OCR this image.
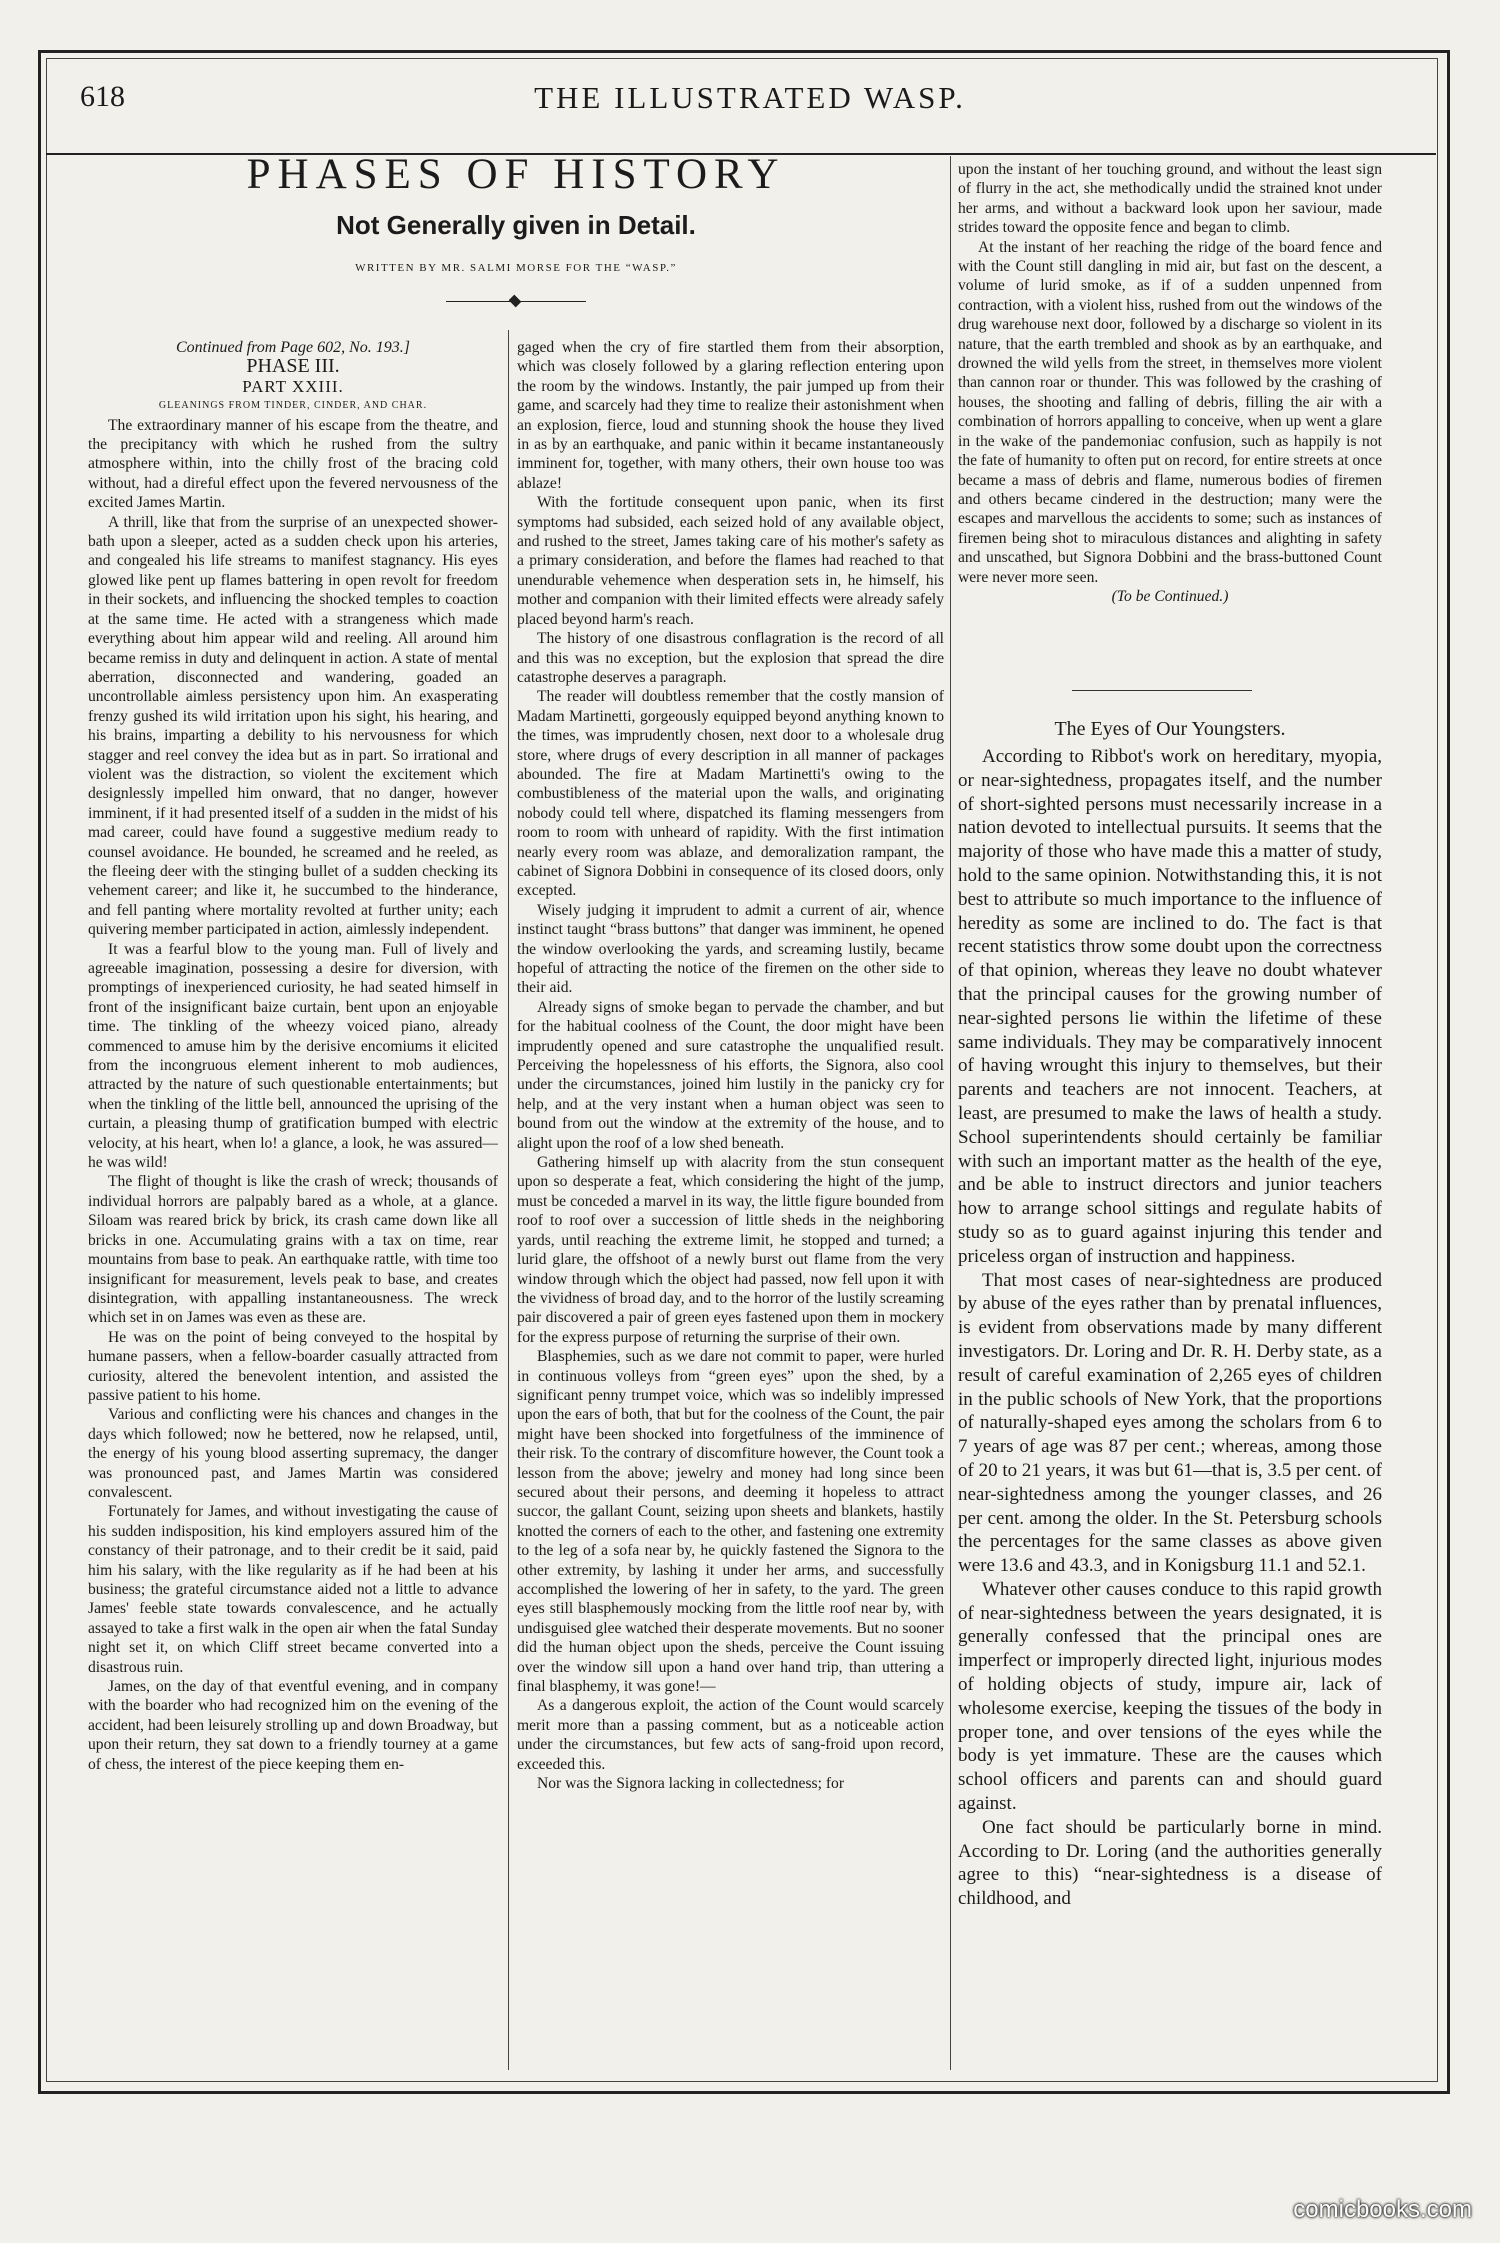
618	THE ILLUSTRATED WASP.
PHASES OF HISTORY
Not Generally given in Detail.
WRITTEN BY MR. SALMI MORSE FOR THE “WASP.”

Continued from Page 602, No. 193.]

PHASE III.

PART XXIII.

GLEANINGS FROM TINDER, CINDER, AND CHAR.

The extraordinary manner of his escape from the theatre, and the precipitancy with which he rushed from the sultry atmosphere within, into the chilly frost of the bracing cold without, had a direful effect upon the fevered nervousness of the excited James Martin.

A thrill, like that from the surprise of an unexpected shower-bath upon a sleeper, acted as a sudden check upon his arteries, and congealed his life streams to manifest stagnancy. His eyes glowed like pent up flames battering in open revolt for freedom in their sockets, and influencing the shocked temples to coaction at the same time. He acted with a strangeness which made everything about him appear wild and reeling. All around him became remiss in duty and delinquent in action. A state of mental aberration, disconnected and wandering, goaded an uncontrollable aimless persistency upon him. An exasperating frenzy gushed its wild irritation upon his sight, his hearing, and his brains, imparting a debility to his nervousness for which stagger and reel convey the idea but as in part. So irrational and violent was the distraction, so violent the excitement which designlessly impelled him onward, that no danger, however imminent, if it had presented itself of a sudden in the midst of his mad career, could have found a suggestive medium ready to counsel avoidance. He bounded, he screamed and he reeled, as the fleeing deer with the stinging bullet of a sudden checking its vehement career; and like it, he succumbed to the hinderance, and fell panting where mortality revolted at further unity; each quivering member participated in action, aimlessly independent.

It was a fearful blow to the young man. Full of lively and agreeable imagination, possessing a desire for diversion, with promptings of inexperienced curiosity, he had seated himself in front of the insignificant baize curtain, bent upon an enjoyable time. The tinkling of the wheezy voiced piano, already commenced to amuse him by the derisive encomiums it elicited from the incongruous element inherent to mob audiences, attracted by the nature of such questionable entertainments; but when the tinkling of the little bell, announced the uprising of the curtain, a pleasing thump of gratification bumped with electric velocity, at his heart, when lo! a glance, a look, he was assured—he was wild!

The flight of thought is like the crash of wreck; thousands of individual horrors are palpably bared as a whole, at a glance. Siloam was reared brick by brick, its crash came down like all bricks in one. Accumulating grains with a tax on time, rear mountains from base to peak. An earthquake rattle, with time too insignificant for measurement, levels peak to base, and creates disintegration, with appalling instantaneousness. The wreck which set in on James was even as these are.

He was on the point of being conveyed to the hospital by humane passers, when a fellow-boarder casually attracted from curiosity, altered the benevolent intention, and assisted the passive patient to his home.

Various and conflicting were his chances and changes in the days which followed; now he bettered, now he relapsed, until, the energy of his young blood asserting supremacy, the danger was pronounced past, and James Martin was considered convalescent.

Fortunately for James, and without investigating the cause of his sudden indisposition, his kind employers assured him of the constancy of their patronage, and to their credit be it said, paid him his salary, with the like regularity as if he had been at his business; the grateful circumstance aided not a little to advance James' feeble state towards convalescence, and he actually assayed to take a first walk in the open air when the fatal Sunday night set it, on which Cliff street became converted into a disastrous ruin.

James, on the day of that eventful evening, and in company with the boarder who had recognized him on the evening of the accident, had been leisurely strolling up and down Broadway, but upon their return, they sat down to a friendly tourney at a game of chess, the interest of the piece keeping them en-

gaged when the cry of fire startled them from their absorption, which was closely followed by a glaring reflection entering upon the room by the windows. Instantly, the pair jumped up from their game, and scarcely had they time to realize their astonishment when an explosion, fierce, loud and stunning shook the house they lived in as by an earthquake, and panic within it became instantaneously imminent for, together, with many others, their own house too was ablaze!

With the fortitude consequent upon panic, when its first symptoms had subsided, each seized hold of any available object, and rushed to the street, James taking care of his mother's safety as a primary consideration, and before the flames had reached to that unendurable vehemence when desperation sets in, he himself, his mother and companion with their limited effects were already safely placed beyond harm's reach.

The history of one disastrous conflagration is the record of all and this was no exception, but the explosion that spread the dire catastrophe deserves a paragraph.

The reader will doubtless remember that the costly mansion of Madam Martinetti, gorgeously equipped beyond anything known to the times, was imprudently chosen, next door to a wholesale drug store, where drugs of every description in all manner of packages abounded. The fire at Madam Martinetti's owing to the combustibleness of the material upon the walls, and originating nobody could tell where, dispatched its flaming messengers from room to room with unheard of rapidity. With the first intimation nearly every room was ablaze, and demoralization rampant, the cabinet of Signora Dobbini in consequence of its closed doors, only excepted.

Wisely judging it imprudent to admit a current of air, whence instinct taught “brass buttons” that danger was imminent, he opened the window overlooking the yards, and screaming lustily, became hopeful of attracting the notice of the firemen on the other side to their aid.

Already signs of smoke began to pervade the chamber, and but for the habitual coolness of the Count, the door might have been imprudently opened and sure catastrophe the unqualified result. Perceiving the hopelessness of his efforts, the Signora, also cool under the circumstances, joined him lustily in the panicky cry for help, and at the very instant when a human object was seen to bound from out the window at the extremity of the house, and to alight upon the roof of a low shed beneath.

Gathering himself up with alacrity from the stun consequent upon so desperate a feat, which considering the hight of the jump, must be conceded a marvel in its way, the little figure bounded from roof to roof over a succession of little sheds in the neighboring yards, until reaching the extreme limit, he stopped and turned; a lurid glare, the offshoot of a newly burst out flame from the very window through which the object had passed, now fell upon it with the vividness of broad day, and to the horror of the lustily screaming pair discovered a pair of green eyes fastened upon them in mockery for the express purpose of returning the surprise of their own.

Blasphemies, such as we dare not commit to paper, were hurled in continuous volleys from “green eyes” upon the shed, by a significant penny trumpet voice, which was so indelibly impressed upon the ears of both, that but for the coolness of the Count, the pair might have been shocked into forgetfulness of the imminence of their risk. To the contrary of discomfiture however, the Count took a lesson from the above; jewelry and money had long since been secured about their persons, and deeming it hopeless to attract succor, the gallant Count, seizing upon sheets and blankets, hastily knotted the corners of each to the other, and fastening one extremity to the leg of a sofa near by, he quickly fastened the Signora to the other extremity, by lashing it under her arms, and successfully accomplished the lowering of her in safety, to the yard. The green eyes still blasphemously mocking from the little roof near by, with undisguised glee watched their desperate movements. But no sooner did the human object upon the sheds, perceive the Count issuing over the window sill upon a hand over hand trip, than uttering a final blasphemy, it was gone!—

As a dangerous exploit, the action of the Count would scarcely merit more than a passing comment, but as a noticeable action under the circumstances, but few acts of sang-froid upon record, exceeded this.

Nor was the Signora lacking in collectedness; for

upon the instant of her touching ground, and without the least sign of flurry in the act, she methodically undid the strained knot under her arms, and without a backward look upon her saviour, made strides toward the opposite fence and began to climb.

At the instant of her reaching the ridge of the board fence and with the Count still dangling in mid air, but fast on the descent, a volume of lurid smoke, as if of a sudden unpenned from contraction, with a violent hiss, rushed from out the windows of the drug warehouse next door, followed by a discharge so violent in its nature, that the earth trembled and shook as by an earthquake, and drowned the wild yells from the street, in themselves more violent than cannon roar or thunder. This was followed by the crashing of houses, the shooting and falling of debris, filling the air with a combination of horrors appalling to conceive, when up went a glare in the wake of the pandemoniac confusion, such as happily is not the fate of humanity to often put on record, for entire streets at once became a mass of debris and flame, numerous bodies of firemen and others became cindered in the destruction; many were the escapes and marvellous the accidents to some; such as instances of firemen being shot to miraculous distances and alighting in safety and unscathed, but Signora Dobbini and the brass-buttoned Count were never more seen.

(To be Continued.)

The Eyes of Our Youngsters.

According to Ribbot's work on hereditary, myopia, or near-sightedness, propagates itself, and the number of short-sighted persons must necessarily increase in a nation devoted to intellectual pursuits. It seems that the majority of those who have made this a matter of study, hold to the same opinion. Notwithstanding this, it is not best to attribute so much importance to the influence of heredity as some are inclined to do. The fact is that recent statistics throw some doubt upon the correctness of that opinion, whereas they leave no doubt whatever that the principal causes for the growing number of near-sighted persons lie within the lifetime of these same individuals. They may be comparatively innocent of having wrought this injury to themselves, but their parents and teachers are not innocent. Teachers, at least, are presumed to make the laws of health a study. School superintendents should certainly be familiar with such an important matter as the health of the eye, and be able to instruct directors and junior teachers how to arrange school sittings and regulate habits of study so as to guard against injuring this tender and priceless organ of instruction and happiness.

That most cases of near-sightedness are produced by abuse of the eyes rather than by prenatal influences, is evident from observations made by many different investigators. Dr. Loring and Dr. R. H. Derby state, as a result of careful examination of 2,265 eyes of children in the public schools of New York, that the proportions of naturally-shaped eyes among the scholars from 6 to 7 years of age was 87 per cent.; whereas, among those of 20 to 21 years, it was but 61—that is, 3.5 per cent. of near-sightedness among the younger classes, and 26 per cent. among the older. In the St. Petersburg schools the percentages for the same classes as above given were 13.6 and 43.3, and in Konigsburg 11.1 and 52.1.

Whatever other causes conduce to this rapid growth of near-sightedness between the years designated, it is generally confessed that the principal ones are imperfect or improperly directed light, injurious modes of holding objects of study, impure air, lack of wholesome exercise, keeping the tissues of the body in proper tone, and over tensions of the eyes while the body is yet immature. These are the causes which school officers and parents can and should guard against.

One fact should be particularly borne in mind. According to Dr. Loring (and the authorities generally agree to this) “near-sightedness is a disease of childhood, and

comicbooks.com
